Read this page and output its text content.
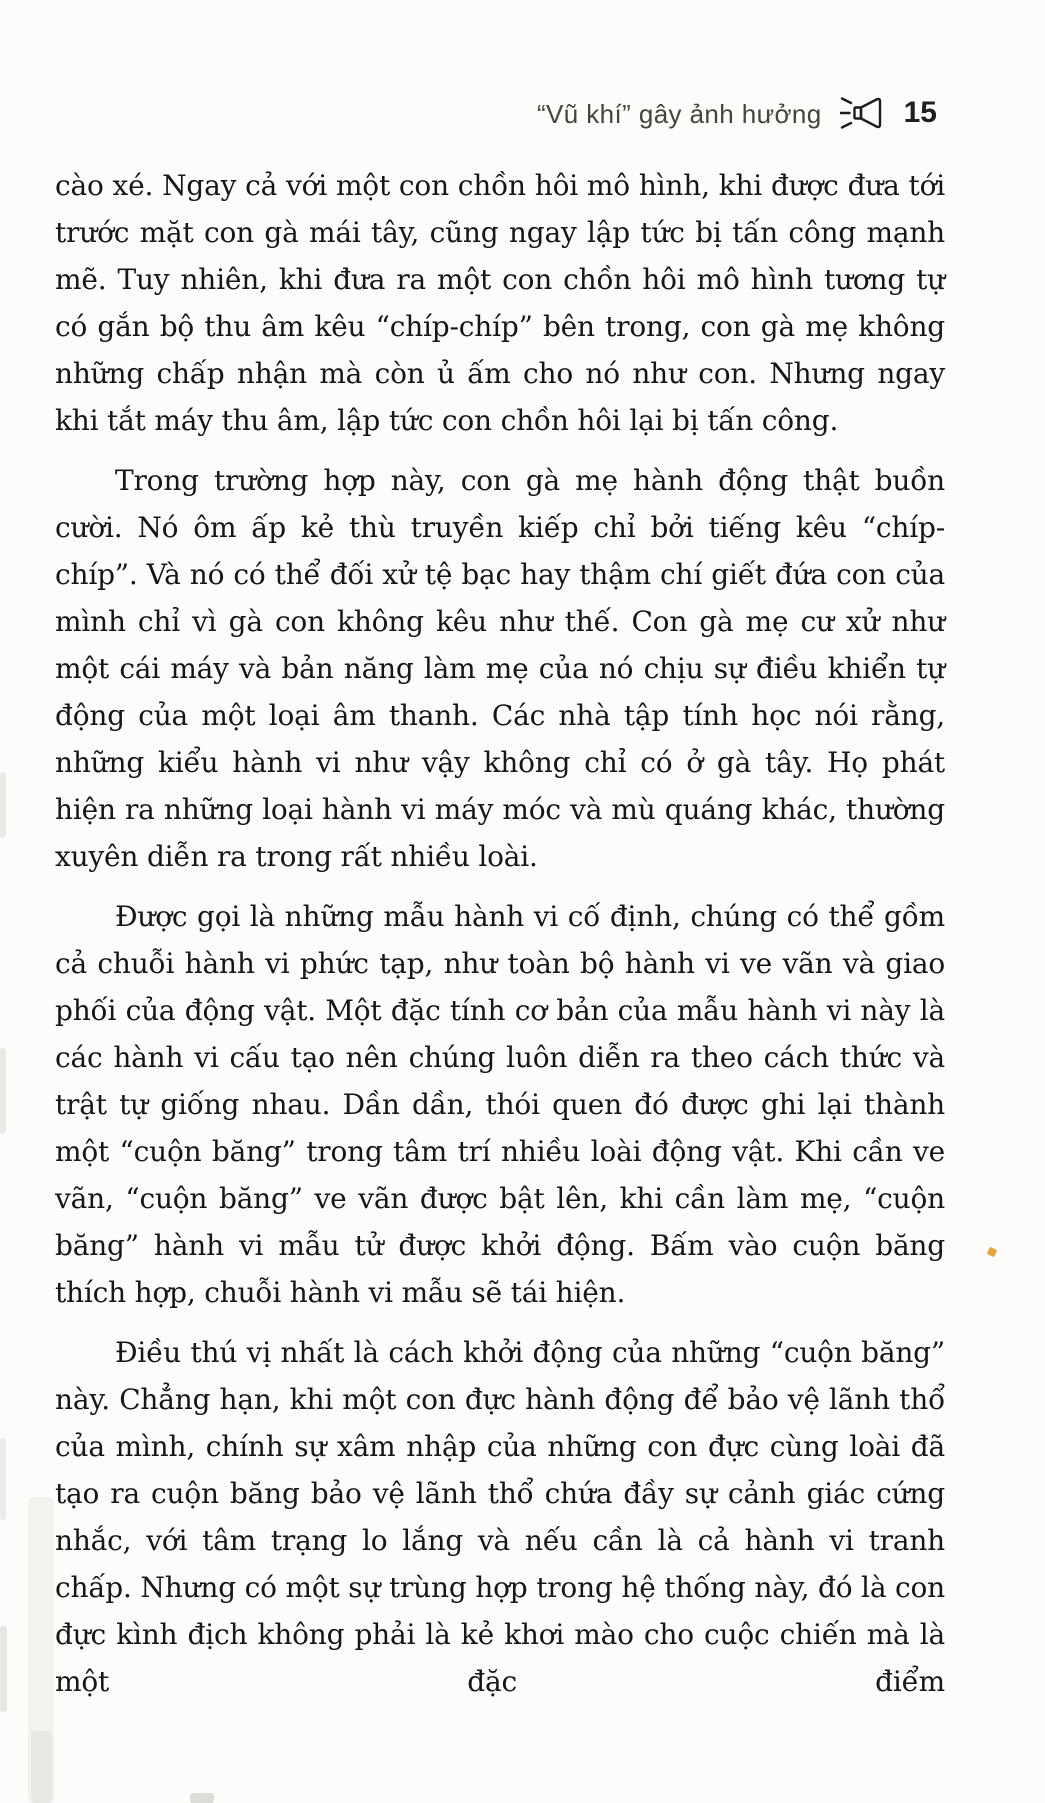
“Vũ khí” gây ảnh hưởng	15

cào xé. Ngay cả với một con chồn hôi mô hình, khi được đưa tới trước mặt con gà mái tây, cũng ngay lập tức bị tấn công mạnh mẽ. Tuy nhiên, khi đưa ra một con chồn hôi mô hình tương tự có gắn bộ thu âm kêu “chíp-chíp” bên trong, con gà mẹ không những chấp nhận mà còn ủ ấm cho nó như con. Nhưng ngay khi tắt máy thu âm, lập tức con chồn hôi lại bị tấn công.

Trong trường hợp này, con gà mẹ hành động thật buồn cười. Nó ôm ấp kẻ thù truyền kiếp chỉ bởi tiếng kêu “chíp-chíp”. Và nó có thể đối xử tệ bạc hay thậm chí giết đứa con của mình chỉ vì gà con không kêu như thế. Con gà mẹ cư xử như một cái máy và bản năng làm mẹ của nó chịu sự điều khiển tự động của một loại âm thanh. Các nhà tập tính học nói rằng, những kiểu hành vi như vậy không chỉ có ở gà tây. Họ phát hiện ra những loại hành vi máy móc và mù quáng khác, thường xuyên diễn ra trong rất nhiều loài.

Được gọi là những mẫu hành vi cố định, chúng có thể gồm cả chuỗi hành vi phức tạp, như toàn bộ hành vi ve vãn và giao phối của động vật. Một đặc tính cơ bản của mẫu hành vi này là các hành vi cấu tạo nên chúng luôn diễn ra theo cách thức và trật tự giống nhau. Dần dần, thói quen đó được ghi lại thành một “cuộn băng” trong tâm trí nhiều loài động vật. Khi cần ve vãn, “cuộn băng” ve vãn được bật lên, khi cần làm mẹ, “cuộn băng” hành vi mẫu tử được khởi động. Bấm vào cuộn băng thích hợp, chuỗi hành vi mẫu sẽ tái hiện.

Điều thú vị nhất là cách khởi động của những “cuộn băng” này. Chẳng hạn, khi một con đực hành động để bảo vệ lãnh thổ của mình, chính sự xâm nhập của những con đực cùng loài đã tạo ra cuộn băng bảo vệ lãnh thổ chứa đầy sự cảnh giác cứng nhắc, với tâm trạng lo lắng và nếu cần là cả hành vi tranh chấp. Nhưng có một sự trùng hợp trong hệ thống này, đó là con đực kình địch không phải là kẻ khơi mào cho cuộc chiến mà là một đặc điểm
